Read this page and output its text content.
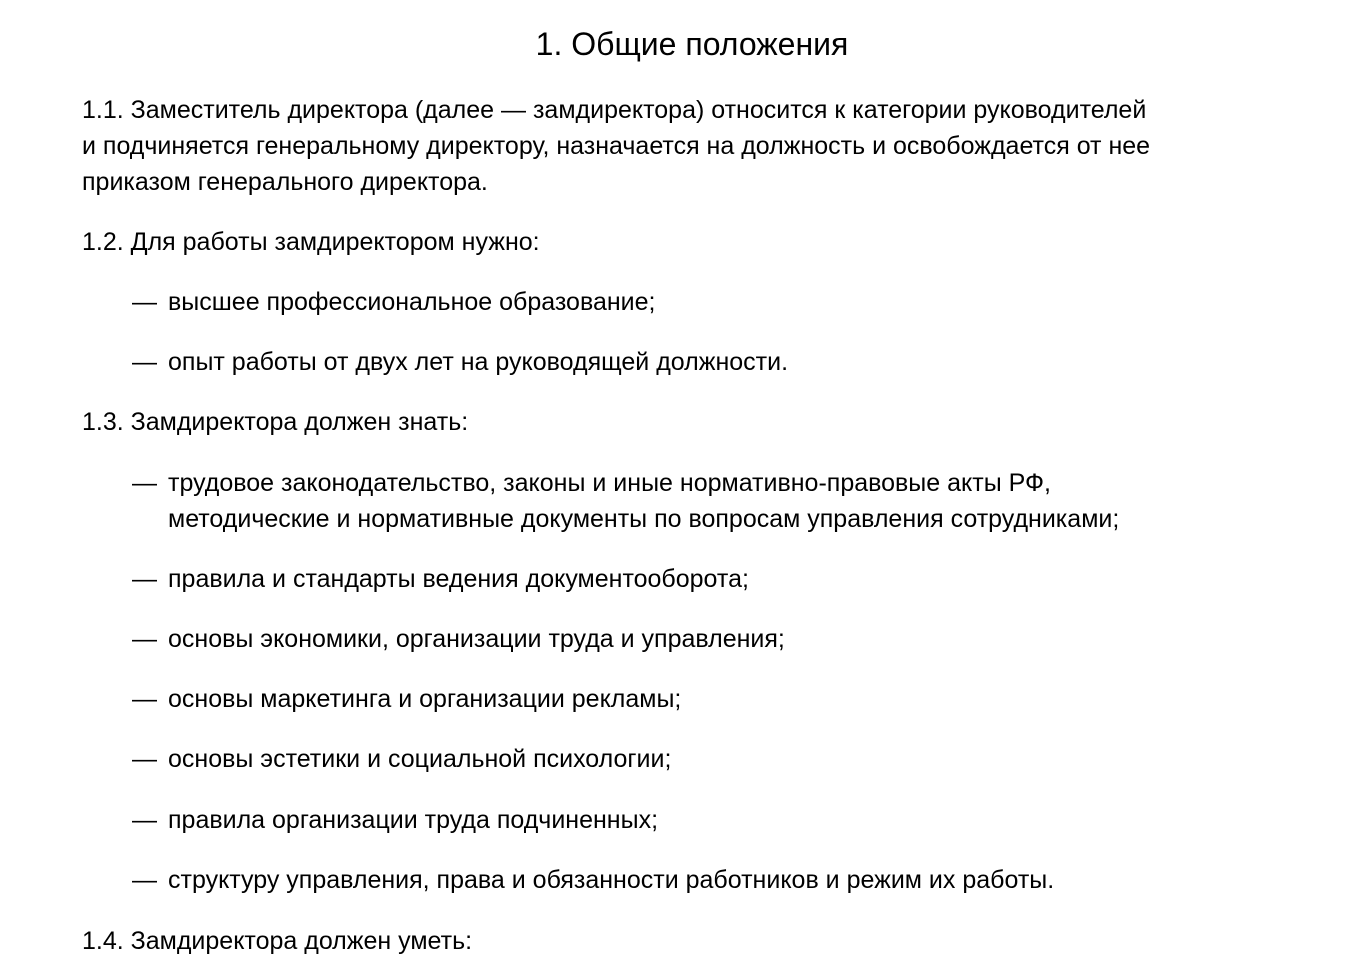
1. Общие положения
1.1. Заместитель директора (далее — замдиректора) относится к категории руководителей
и подчиняется генеральному директору, назначается на должность и освобождается от нее
приказом генерального директора.
1.2. Для работы замдиректором нужно:
— высшее профессиональное образование;
— опыт работы от двух лет на руководящей должности.
1.3. Замдиректора должен знать:
— трудовое законодательство, законы и иные нормативно-правовые акты РФ,
методические и нормативные документы по вопросам управления сотрудниками;
— правила и стандарты ведения документооборота;
— основы экономики, организации труда и управления;
— основы маркетинга и организации рекламы;
— основы эстетики и социальной психологии;
— правила организации труда подчиненных;
— структуру управления, права и обязанности работников и режим их работы.
1.4. Замдиректора должен уметь:
